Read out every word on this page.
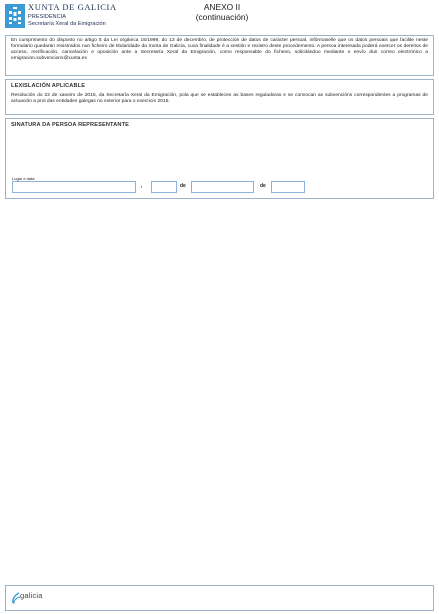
XUNTA DE GALICIA
PRESIDENCIA
Secretaría Xeral da Emigración
ANEXO II
(continuación)

En cumprimento do disposto no artigo 5 da Lei orgánica 15/1999, do 13 de decembro, de protección de datos de carácter persoal, infórmaselle que os datos persoais que facilite neste formulario quedarán rexistrados nun ficheiro de titularidade da Xunta de Galicia, cuxa finalidade é a xestión e rexistro deste procedemento. A persoa interesada poderá exercer os dereitos de acceso, rectificación, cancelación e oposición ante a Secretaría Xeral da Emigración, como responsable do ficheiro, solicitándoo mediante o envío dun correo electrónico a emigracion.subvencions@xunta.es

LEXISLACIÓN APLICABLE

Resolución do 22 de xaneiro de 2015, da Secretaría Xeral da Emigración, pola que se establecen as bases reguladoras e se convocan as subvencións correspondentes a programas de actuación a prol das entidades galegas no exterior para o exercicio 2015.

SINATURA DA PERSOA REPRESENTANTE
Lugar e data
,	de	de
galicia
